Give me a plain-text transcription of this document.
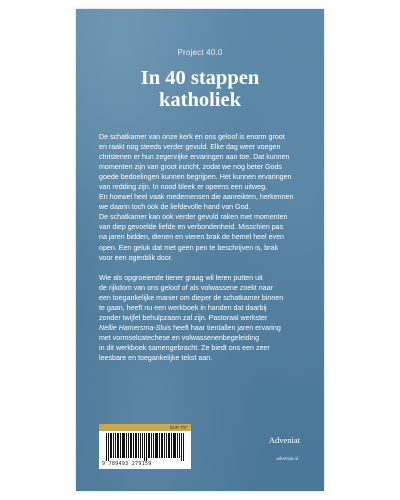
Project 40.0
In 40 stappen
katholiek
De schatkamer van onze kerk en ons geloof is enorm groot
en raakt nog steeds verder gevuld. Elke dag weer voegen
christenen er hun zegenrijke ervaringen aan toe. Dat kunnen
momenten zijn van groot inzicht, zodat we nog beter Gods
goede bedoelingen kunnen begrijpen. Het kunnen ervaringen
van redding zijn. In nood bleek er opeens een uitweg.
En hoewel heel vaak medemensen die aanreikten, herkennen
we daarin toch ook de liefdevolle hand van God.
De schatkamer kan ook verder gevuld raken met momenten
van diep gevoelde liefde en verbondenheid. Misschien pas
na jaren bidden, dienen en vieren brak de hemel heel even
open. Een geluk dat met geen pen te beschrijven is, brak
voor een ogenblik door.
Wie als opgroeiende tiener graag wil leren putten uit
de rijkdom van ons geloof of als volwassene zoekt naar
een toegankelijke manier om dieper de schatkamer binnen
te gaan, heeft nu een werkboek in handen dat daarbij
zonder twijfel behulpzaam zal zijn. Pastoraal werkster
Nellie Hamersma-Sluis heeft haar tientallen jaren ervaring
met vormselcatechese en volwassenenbegeleiding
in dit werkboek samengebracht. Ze biedt ons een zeer
leesbare en toegankelijke tekst aan.
NUR 707
9 789493 279159
Adveniat
adveniat.nl
